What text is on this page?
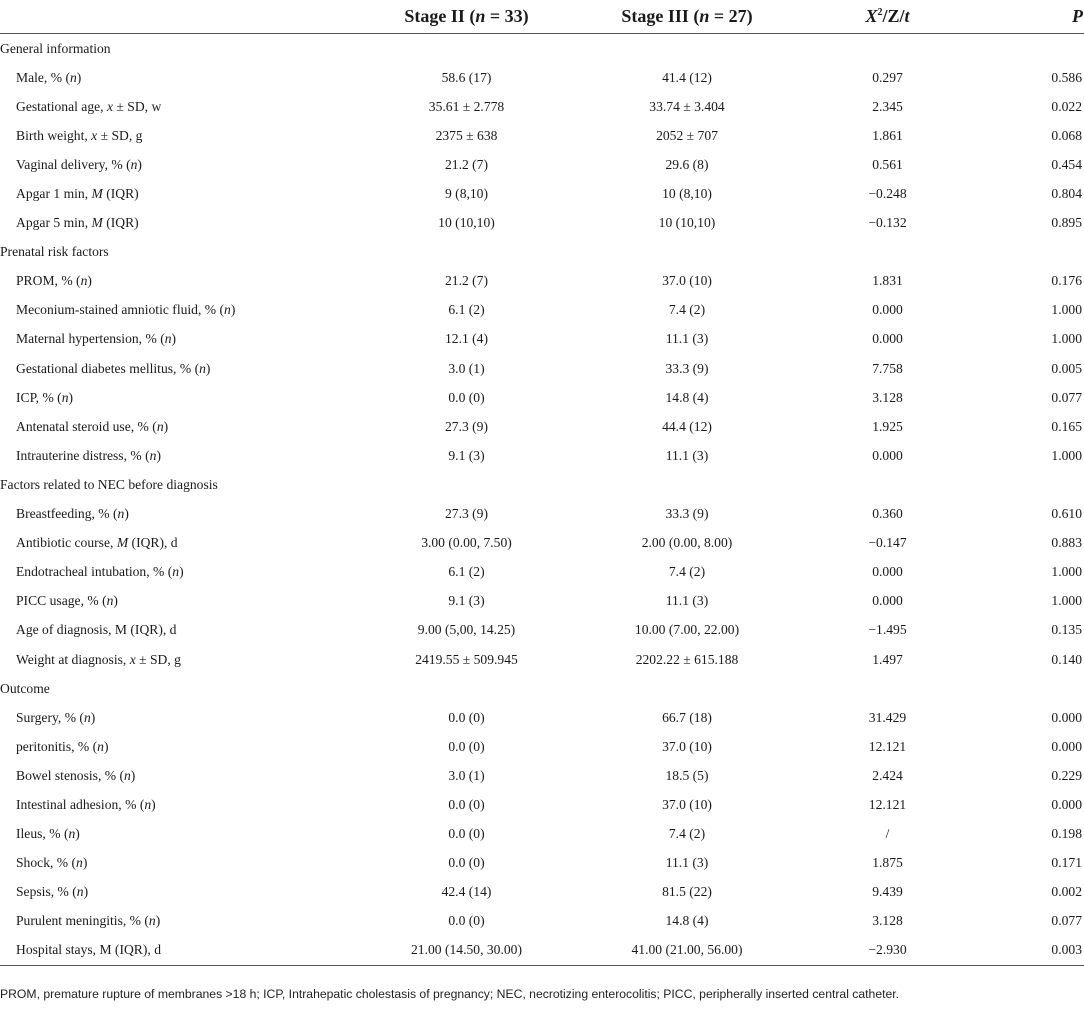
	Stage II (n = 33)	Stage III (n = 27)	$X^2/Z/t$	P
General information				
Male, % (n)	58.6 (17)	41.4 (12)	0.297	0.586
Gestational age, x ± SD, w	35.61 ± 2.778	33.74 ± 3.404	2.345	0.022
Birth weight, x ± SD, g	2375 ± 638	2052 ± 707	1.861	0.068
Vaginal delivery, % (n)	21.2 (7)	29.6 (8)	0.561	0.454
Apgar 1 min, M (IQR)	9 (8,10)	10 (8,10)	−0.248	0.804
Apgar 5 min, M (IQR)	10 (10,10)	10 (10,10)	−0.132	0.895
Prenatal risk factors				
PROM, % (n)	21.2 (7)	37.0 (10)	1.831	0.176
Meconium-stained amniotic fluid, % (n)	6.1 (2)	7.4 (2)	0.000	1.000
Maternal hypertension, % (n)	12.1 (4)	11.1 (3)	0.000	1.000
Gestational diabetes mellitus, % (n)	3.0 (1)	33.3 (9)	7.758	0.005
ICP, % (n)	0.0 (0)	14.8 (4)	3.128	0.077
Antenatal steroid use, % (n)	27.3 (9)	44.4 (12)	1.925	0.165
Intrauterine distress, % (n)	9.1 (3)	11.1 (3)	0.000	1.000
Factors related to NEC before diagnosis				
Breastfeeding, % (n)	27.3 (9)	33.3 (9)	0.360	0.610
Antibiotic course, M (IQR), d	3.00 (0.00, 7.50)	2.00 (0.00, 8.00)	−0.147	0.883
Endotracheal intubation, % (n)	6.1 (2)	7.4 (2)	0.000	1.000
PICC usage, % (n)	9.1 (3)	11.1 (3)	0.000	1.000
Age of diagnosis, M (IQR), d	9.00 (5,00, 14.25)	10.00 (7.00, 22.00)	−1.495	0.135
Weight at diagnosis, x ± SD, g	2419.55 ± 509.945	2202.22 ± 615.188	1.497	0.140
Outcome				
Surgery, % (n)	0.0 (0)	66.7 (18)	31.429	0.000
peritonitis, % (n)	0.0 (0)	37.0 (10)	12.121	0.000
Bowel stenosis, % (n)	3.0 (1)	18.5 (5)	2.424	0.229
Intestinal adhesion, % (n)	0.0 (0)	37.0 (10)	12.121	0.000
Ileus, % (n)	0.0 (0)	7.4 (2)	/	0.198
Shock, % (n)	0.0 (0)	11.1 (3)	1.875	0.171
Sepsis, % (n)	42.4 (14)	81.5 (22)	9.439	0.002
Purulent meningitis, % (n)	0.0 (0)	14.8 (4)	3.128	0.077
Hospital stays, M (IQR), d	21.00 (14.50, 30.00)	41.00 (21.00, 56.00)	−2.930	0.003
PROM, premature rupture of membranes >18 h; ICP, Intrahepatic cholestasis of pregnancy; NEC, necrotizing enterocolitis; PICC, peripherally inserted central catheter.
